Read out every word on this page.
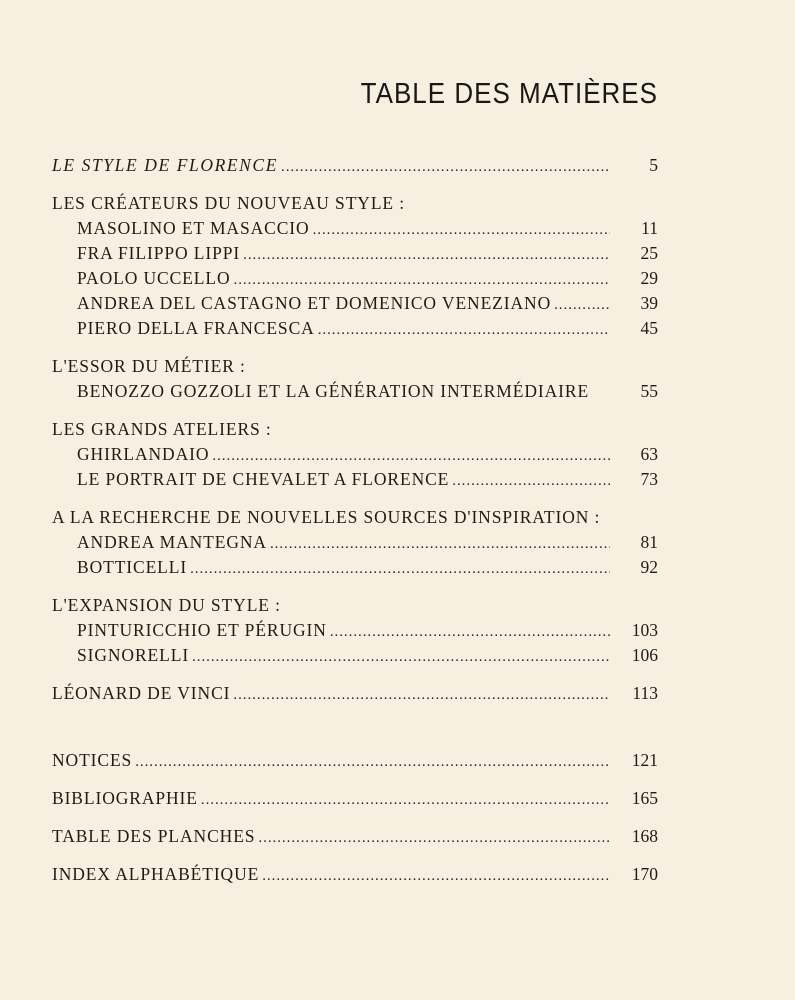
TABLE DES MATIÈRES
LE STYLE DE FLORENCE . . .	5
LES CRÉATEURS DU NOUVEAU STYLE :
MASOLINO ET MASACCIO . . .	11
FRA FILIPPO LIPPI . . .	25
PAOLO UCCELLO . . .	29
ANDREA DEL CASTAGNO ET DOMENICO VENEZIANO . . .	39
PIERO DELLA FRANCESCA . . .	45
L'ESSOR DU MÉTIER :
BENOZZO GOZZOLI ET LA GÉNÉRATION INTERMÉDIAIRE	55
LES GRANDS ATELIERS :
GHIRLANDAIO . . .	63
LE PORTRAIT DE CHEVALET A FLORENCE . . .	73
A LA RECHERCHE DE NOUVELLES SOURCES D'INSPIRATION :
ANDREA MANTEGNA . . .	81
BOTTICELLI . . .	92
L'EXPANSION DU STYLE :
PINTURICCHIO ET PÉRUGIN . . .	103
SIGNORELLI . . .	106
LÉONARD DE VINCI . . .	113
NOTICES . . .	121
BIBLIOGRAPHIE . . .	165
TABLE DES PLANCHES . . .	168
INDEX ALPHABÉTIQUE . . .	170
